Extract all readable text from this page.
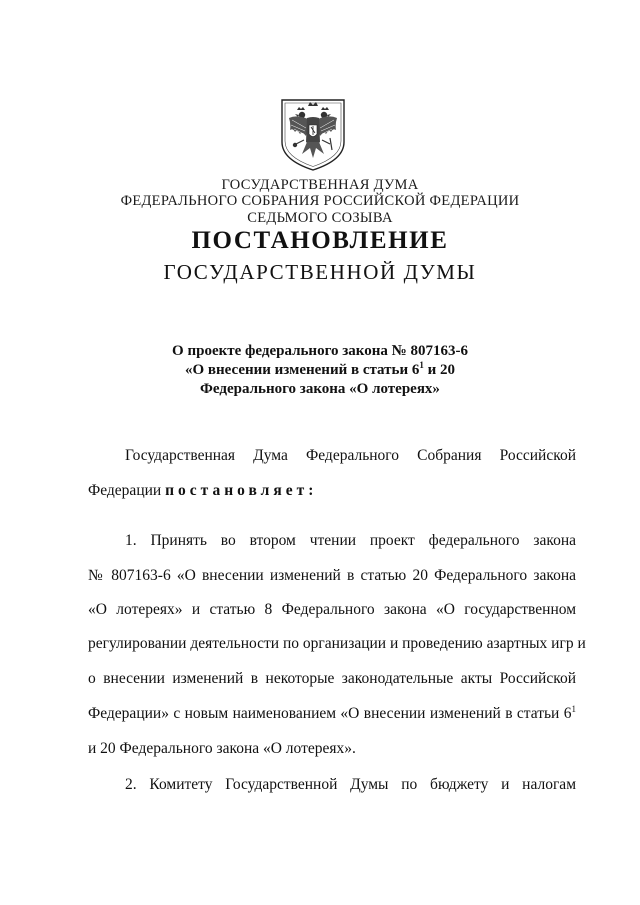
ГОСУДАРСТВЕННАЯ ДУМА
ФЕДЕРАЛЬНОГО СОБРАНИЯ РОССИЙСКОЙ ФЕДЕРАЦИИ
СЕДЬМОГО СОЗЫВА
ПОСТАНОВЛЕНИЕ
ГОСУДАРСТВЕННОЙ ДУМЫ
О проекте федерального закона № 807163-6
«О внесении изменений в статьи $6^1$ и 20
Федерального закона «О лотереях»
Государственная Дума Федерального Собрания Российской
Федерации постановляет:
1. Принять во втором чтении проект федерального закона
№ 807163-6 «О внесении изменений в статью 20 Федерального закона
«О лотереях» и статью 8 Федерального закона «О государственном
регулировании деятельности по организации и проведению азартных игр и
о внесении изменений в некоторые законодательные акты Российской
Федерации» с новым наименованием «О внесении изменений в статьи $6^1$
и 20 Федерального закона «О лотереях».
2. Комитету Государственной Думы по бюджету и налогам
